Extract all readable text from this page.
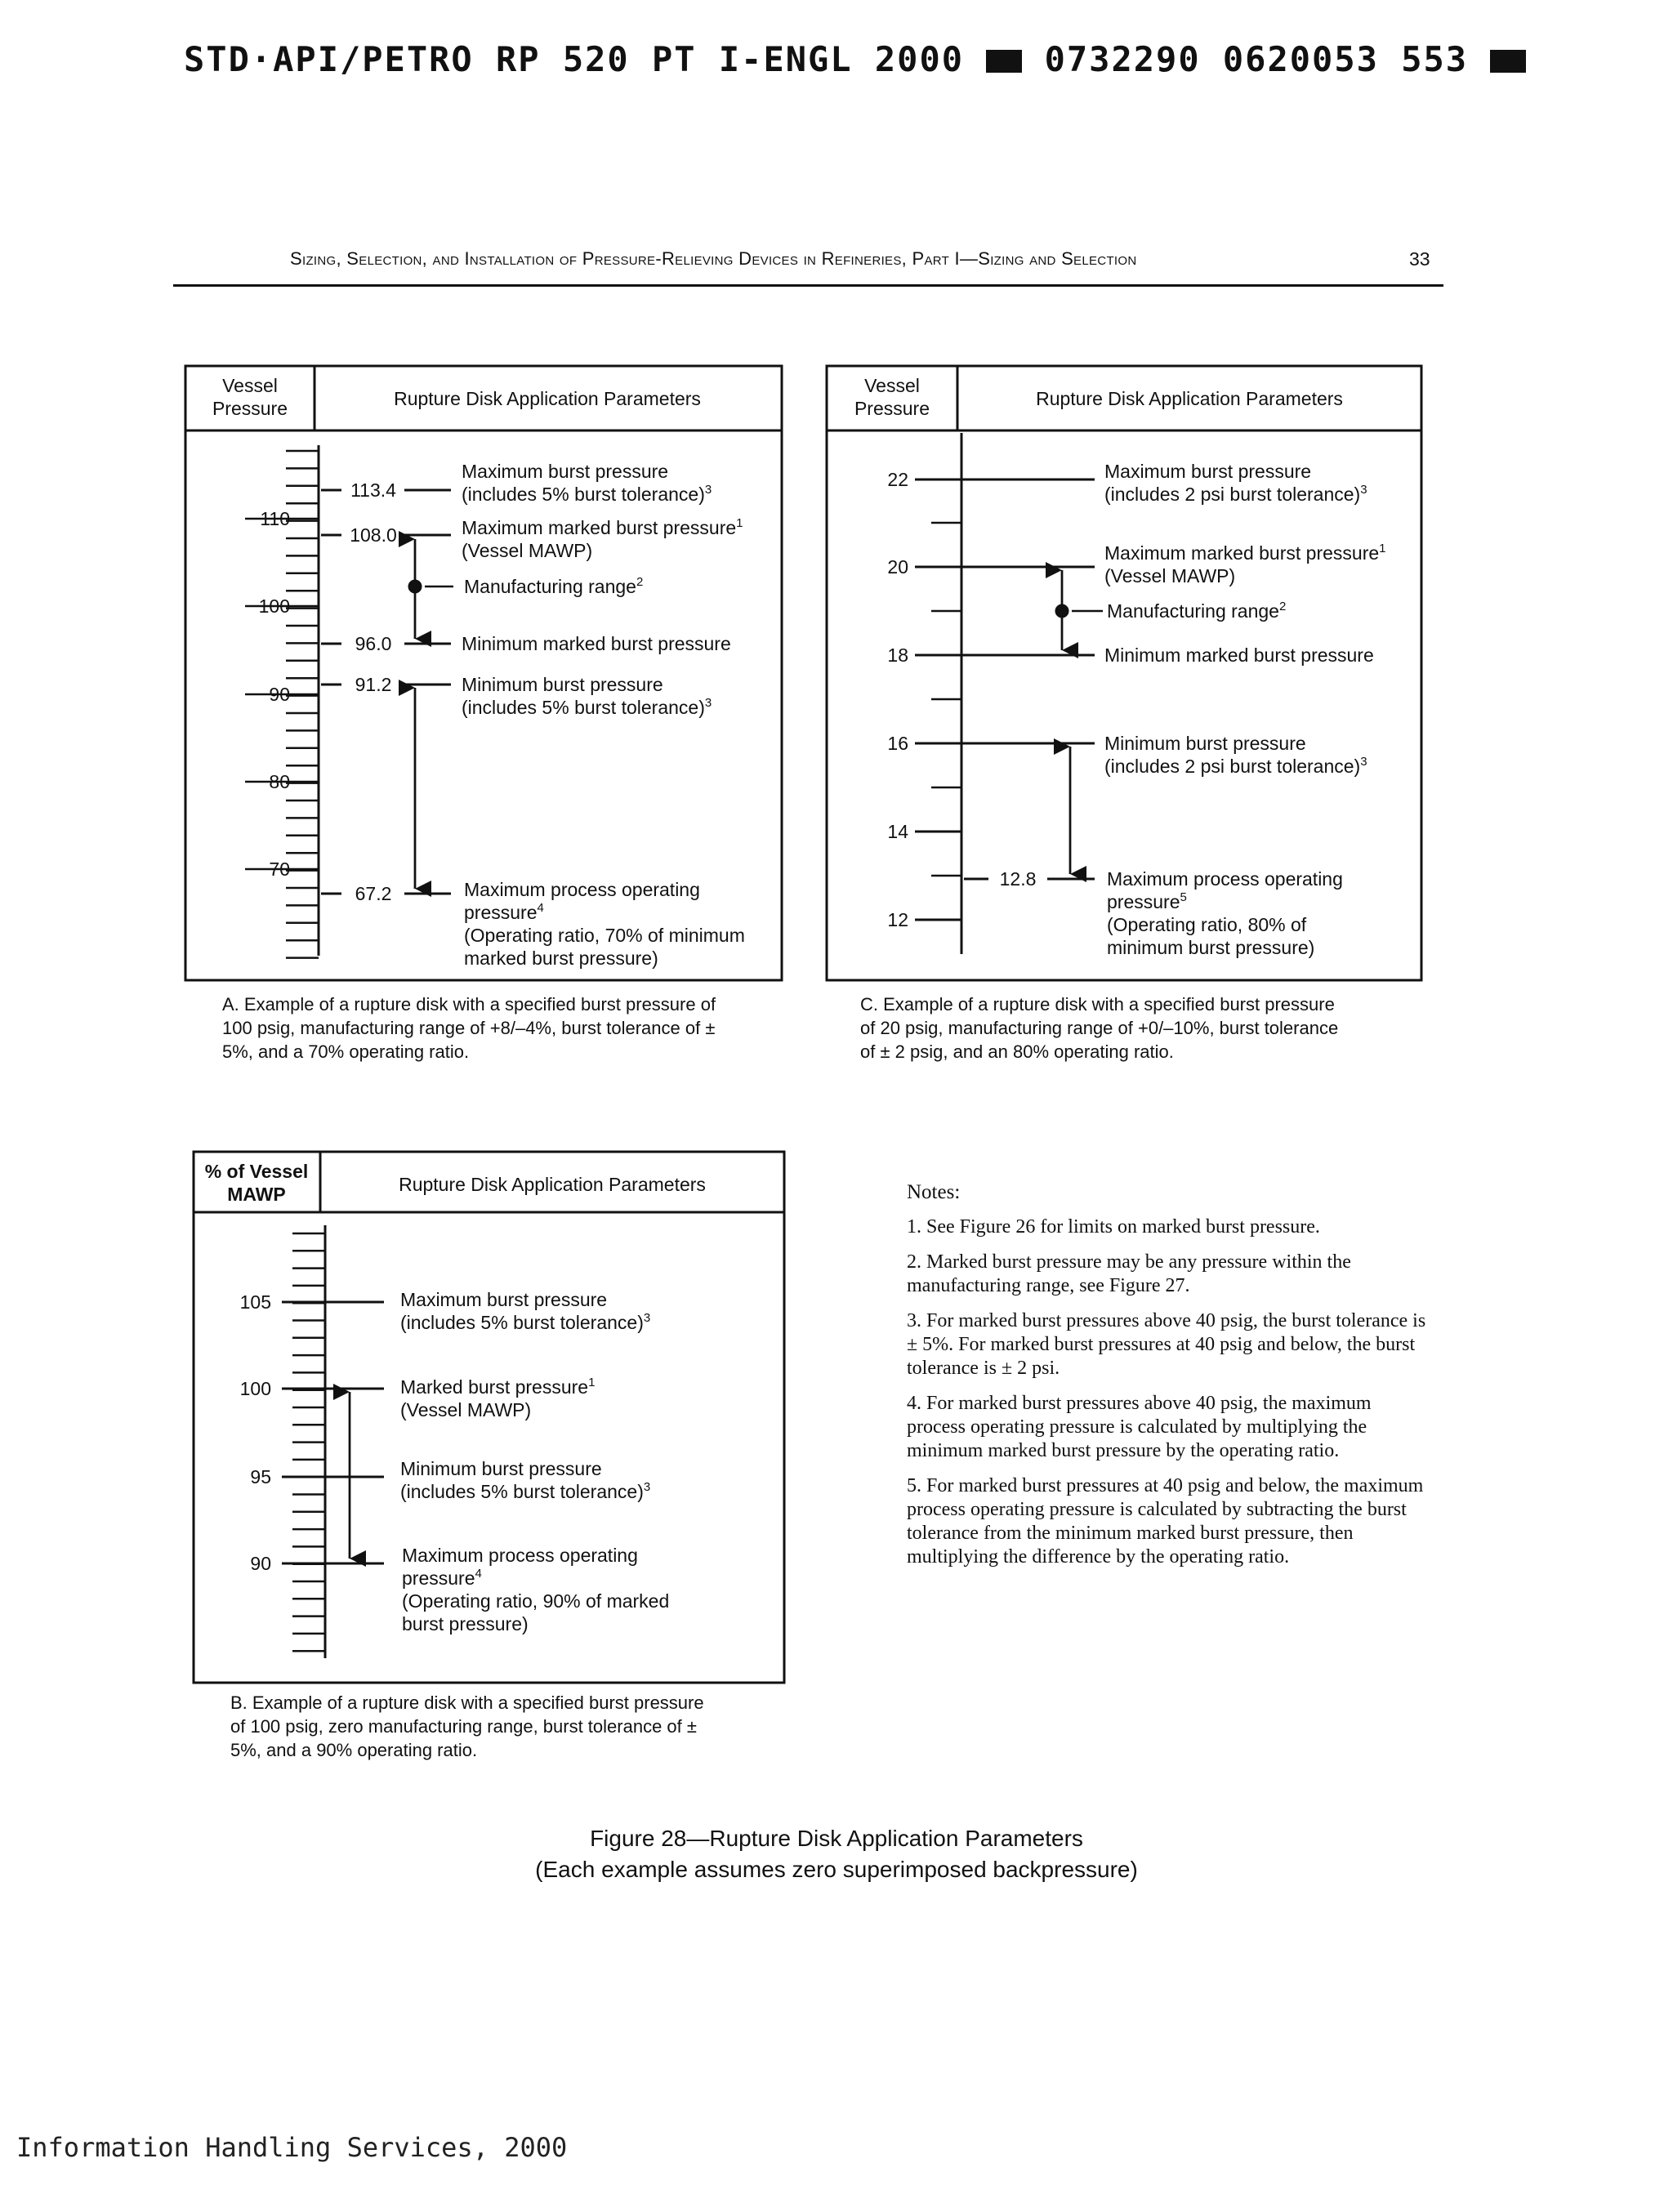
STD·API/PETRO RP 520 PT I-ENGL 2000 0732290 0620053 553
Sizing, Selection, and Installation of Pressure-Relieving Devices in Refineries, Part I—Sizing and Selection	33
Vessel
Pressure	Rupture Disk Application Parameters
110
100
90
80
70
113.4
108.0
96.0
91.2
67.2
Maximum burst pressure
(includes 5% burst tolerance)$^3$
Maximum marked burst pressure$^1$
(Vessel MAWP)
Manufacturing range$^2$
Minimum marked burst pressure
Minimum burst pressure
(includes 5% burst tolerance)$^3$
Maximum process operating
pressure$^4$
(Operating ratio, 70% of minimum
marked burst pressure)
Vessel
Pressure	Rupture Disk Application Parameters
22
20
18
16
14
12
12.8
Maximum burst pressure
(includes 2 psi burst tolerance)$^3$
Maximum marked burst pressure$^1$
(Vessel MAWP)
Manufacturing range$^2$
Minimum marked burst pressure
Minimum burst pressure
(includes 2 psi burst tolerance)$^3$
Maximum process operating
pressure$^5$
(Operating ratio, 80% of
minimum burst pressure)
% of Vessel
MAWP	Rupture Disk Application Parameters
105
100
95
90
Maximum burst pressure
(includes 5% burst tolerance)$^3$
Marked burst pressure$^1$
(Vessel MAWP)
Minimum burst pressure
(includes 5% burst tolerance)$^3$
Maximum process operating
pressure$^4$
(Operating ratio, 90% of marked
burst pressure)
A. Example of a rupture disk with a specified burst pressure of 100 psig, manufacturing range of +8/–4%, burst tolerance of ± 5%, and a 70% operating ratio.
C. Example of a rupture disk with a specified burst pressure of 20 psig, manufacturing range of +0/–10%, burst tolerance of ± 2 psig, and an 80% operating ratio.
B. Example of a rupture disk with a specified burst pressure of 100 psig, zero manufacturing range, burst tolerance of ± 5%, and a 90% operating ratio.
Notes:

1. See Figure 26 for limits on marked burst pressure.

2. Marked burst pressure may be any pressure within the manufacturing range, see Figure 27.

3. For marked burst pressures above 40 psig, the burst tolerance is ± 5%. For marked burst pressures at 40 psig and below, the burst tolerance is ± 2 psi.

4. For marked burst pressures above 40 psig, the maximum process operating pressure is calculated by multiplying the minimum marked burst pressure by the operating ratio.

5. For marked burst pressures at 40 psig and below, the maximum process operating pressure is calculated by subtracting the burst tolerance from the minimum marked burst pressure, then multiplying the difference by the operating ratio.

Figure 28—Rupture Disk Application Parameters
(Each example assumes zero superimposed backpressure)
Information Handling Services, 2000
